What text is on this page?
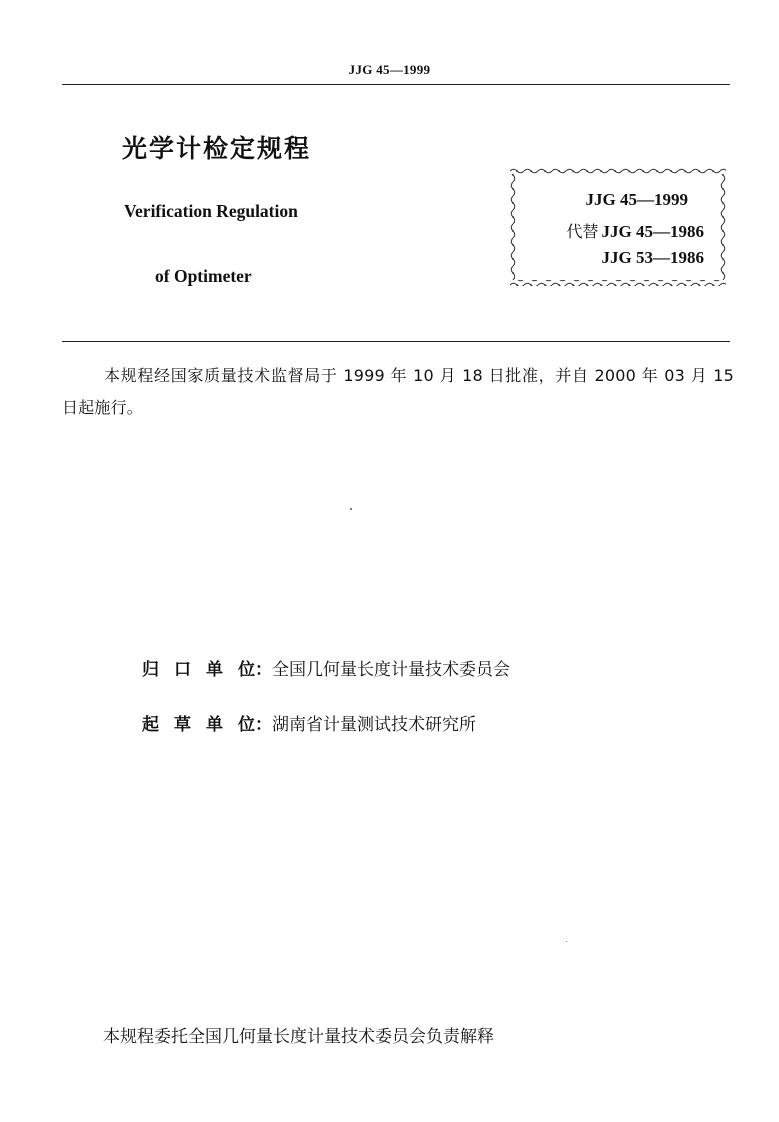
JJG 45—1999
光学计检定规程
Verification Regulation
of Optimeter
JJG 45—1999
代替 JJG 45—1986
JJG 53—1986
本规程经国家质量技术监督局于 1999 年 10 月 18 日批准，并自 2000 年 03 月 15 日起施行。
归 口 单 位：全国几何量长度计量技术委员会
起 草 单 位：湖南省计量测试技术研究所
本规程委托全国几何量长度计量技术委员会负责解释
